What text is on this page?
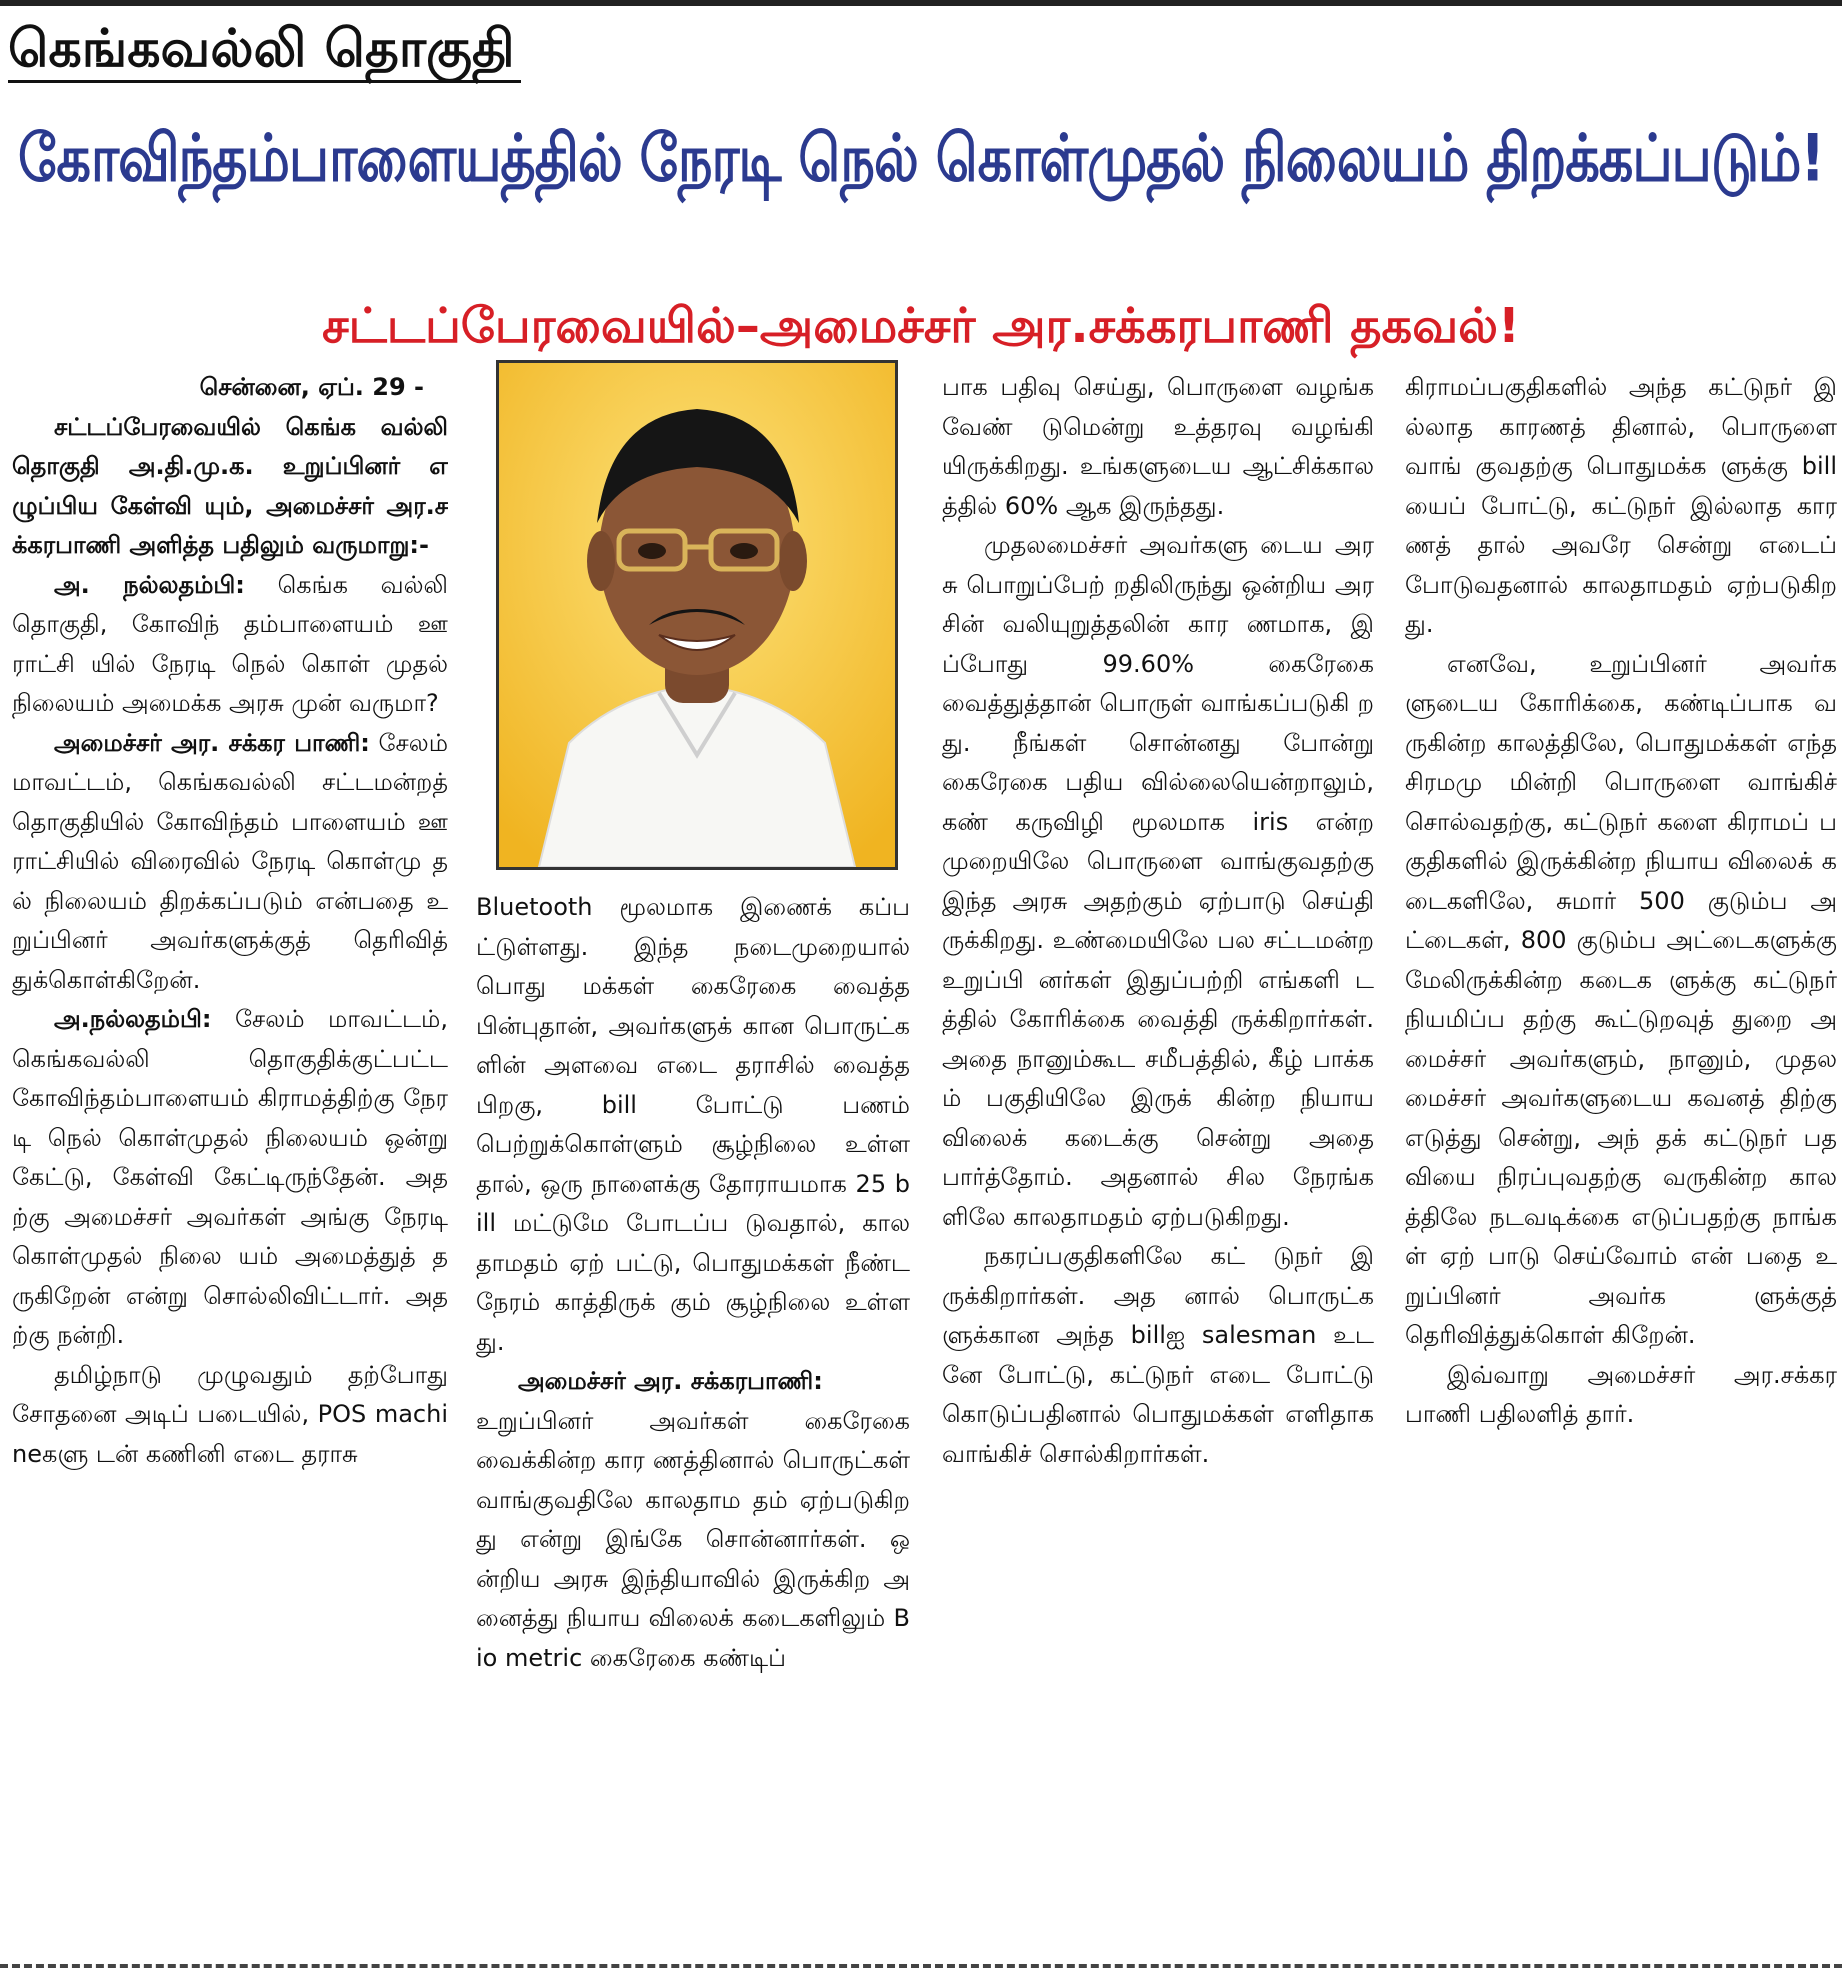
கெங்கவல்லி தொகுதி
கோவிந்தம்பாளையத்தில் நேரடி நெல் கொள்முதல் நிலையம் திறக்கப்படும்!
சட்டப்பேரவையில்–அமைச்சர் அர.சக்கரபாணி தகவல்!

சென்னை, ஏப். 29 -

சட்டப்பேரவையில் கெங்க வல்லி தொகுதி அ.தி.மு.க. உறுப்பினர் எழுப்பிய கேள்வி யும், அமைச்சர் அர.சக்கரபாணி அளித்த பதிலும் வருமாறு:-

அ. நல்லதம்பி: கெங்க வல்லி தொகுதி, கோவிந் தம்பாளையம் ஊராட்சி யில் நேரடி நெல் கொள் முதல் நிலையம் அமைக்க அரசு முன் வருமா?

அமைச்சர் அர. சக்கர பாணி: சேலம் மாவட்டம், கெங்கவல்லி சட்டமன்றத் தொகுதியில் கோவிந்தம் பாளையம் ஊராட்சியில் விரைவில் நேரடி கொள்மு தல் நிலையம் திறக்கப்படும் என்பதை உறுப்பினர் அவர்களுக்குத் தெரிவித் துக்கொள்கிறேன்.

அ.நல்லதம்பி: சேலம் மாவட்டம், கெங்கவல்லி தொகுதிக்குட்பட்ட கோவிந்தம்பாளையம் கிராமத்திற்கு நேரடி நெல் கொள்முதல் நிலையம் ஒன்று கேட்டு, கேள்வி கேட்டிருந்தேன். அதற்கு அமைச்சர் அவர்கள் அங்கு நேரடி கொள்முதல் நிலை யம் அமைத்துத் தருகிறேன் என்று சொல்லிவிட்டார். அதற்கு நன்றி.

தமிழ்நாடு முழுவதும் தற்போது சோதனை அடிப் படையில், POS machineகளு டன் கணினி எடை தராசு

Bluetooth மூலமாக இணைக் கப்பட்டுள்ளது. இந்த நடைமுறையால் பொது மக்கள் கைரேகை வைத்த பின்புதான், அவர்களுக் கான பொருட்களின் அளவை எடை தராசில் வைத்த பிறகு, bill போட்டு பணம் பெற்றுக்கொள்ளும் சூழ்நிலை உள்ளதால், ஒரு நாளைக்கு தோராயமாக 25 bill மட்டுமே போடப்ப டுவதால், காலதாமதம் ஏற் பட்டு, பொதுமக்கள் நீண்ட நேரம் காத்திருக் கும் சூழ்நிலை உள்ளது.

அமைச்சர் அர. சக்கரபாணி:

உறுப்பினர் அவர்கள் கைரேகை வைக்கின்ற கார ணத்தினால் பொருட்கள் வாங்குவதிலே காலதாம தம் ஏற்படுகிறது என்று இங்கே சொன்னார்கள். ஒன்றிய அரசு இந்தியாவில் இருக்கிற அனைத்து நியாய விலைக் கடைகளிலும் Bio metric கைரேகை கண்டிப்

பாக பதிவு செய்து, பொருளை வழங்க வேண் டுமென்று உத்தரவு வழங்கி யிருக்கிறது. உங்களுடைய ஆட்சிக்காலத்தில் 60% ஆக இருந்தது.

முதலமைச்சர் அவர்களு டைய அரசு பொறுப்பேற் றதிலிருந்து ஒன்றிய அர சின் வலியுறுத்தலின் கார ணமாக, இப்போது 99.60% கைரேகை வைத்துத்தான் பொருள் வாங்கப்படுகி றது. நீங்கள் சொன்னது போன்று கைரேகை பதிய வில்லையென்றாலும், கண் கருவிழி மூலமாக iris என்ற முறையிலே பொருளை வாங்குவதற்கு இந்த அரசு அதற்கும் ஏற்பாடு செய்தி ருக்கிறது. உண்மையிலே பல சட்டமன்ற உறுப்பி னர்கள் இதுப்பற்றி எங்களி டத்தில் கோரிக்கை வைத்தி ருக்கிறார்கள். அதை நானும்கூட சமீபத்தில், கீழ் பாக்கம் பகுதியிலே இருக் கின்ற நியாயவிலைக் கடைக்கு சென்று அதை பார்த்தோம். அதனால் சில நேரங்களிலே காலதாமதம் ஏற்படுகிறது.

நகரப்பகுதிகளிலே கட் டுநர் இருக்கிறார்கள். அத னால் பொருட்களுக்கான அந்த billஐ salesman உடனே போட்டு, கட்டுநர் எடை போட்டு கொடுப்பதினால் பொதுமக்கள் எளிதாக வாங்கிச் சொல்கிறார்கள்.

கிராமப்பகுதிகளில் அந்த கட்டுநர் இல்லாத காரணத் தினால், பொருளை வாங் குவதற்கு பொதுமக்க ளுக்கு billயைப் போட்டு, கட்டுநர் இல்லாத காரணத் தால் அவரே சென்று எடைப் போடுவதனால் காலதாமதம் ஏற்படுகிறது.

எனவே, உறுப்பினர் அவர்களுடைய கோரிக்கை, கண்டிப்பாக வருகின்ற காலத்திலே, பொதுமக்கள் எந்த சிரமமு மின்றி பொருளை வாங்கிச் சொல்வதற்கு, கட்டுநர் களை கிராமப் பகுதிகளில் இருக்கின்ற நியாய விலைக் கடைகளிலே, சுமார் 500 குடும்ப அட்டைகள், 800 குடும்ப அட்டைகளுக்கு மேலிருக்கின்ற கடைக ளுக்கு கட்டுநர் நியமிப்ப தற்கு கூட்டுறவுத் துறை அமைச்சர் அவர்களும், நானும், முதலமைச்சர் அவர்களுடைய கவனத் திற்கு எடுத்து சென்று, அந் தக் கட்டுநர் பதவியை நிரப்புவதற்கு வருகின்ற காலத்திலே நடவடிக்கை எடுப்பதற்கு நாங்கள் ஏற் பாடு செய்வோம் என் பதை உறுப்பினர் அவர்க ளுக்குத் தெரிவித்துக்கொள் கிறேன்.

இவ்வாறு அமைச்சர் அர.சக்கரபாணி பதிலளித் தார்.
